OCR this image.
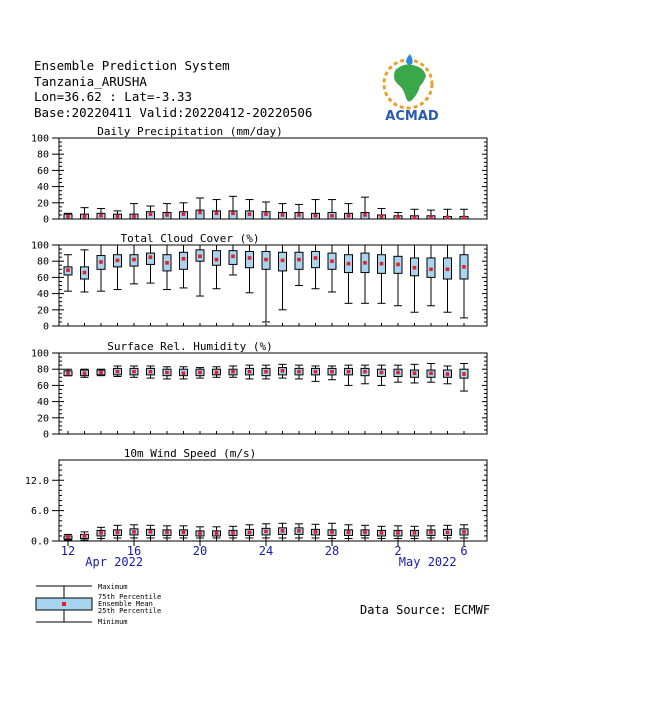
Ensemble Prediction System
Tanzania_ARUSHA
Lon=36.62 : Lat=-3.33
Base:20220411 Valid:20220412-20220506	ACMAD
0
20
40
60
80
100
Daily Precipitation (mm/day)
0
20
40
60
80
100
Total Cloud Cover (%)
0
20
40
60
80
100
Surface Rel. Humidity (%)
0.0
6.0
12.0
10m Wind Speed (m/s)
12	16	20	24	28	2	6
Apr 2022	May 2022
Maximum
75th Percentile
Ensemble Mean
25th Percentile
Minimum
Data Source: ECMWF
